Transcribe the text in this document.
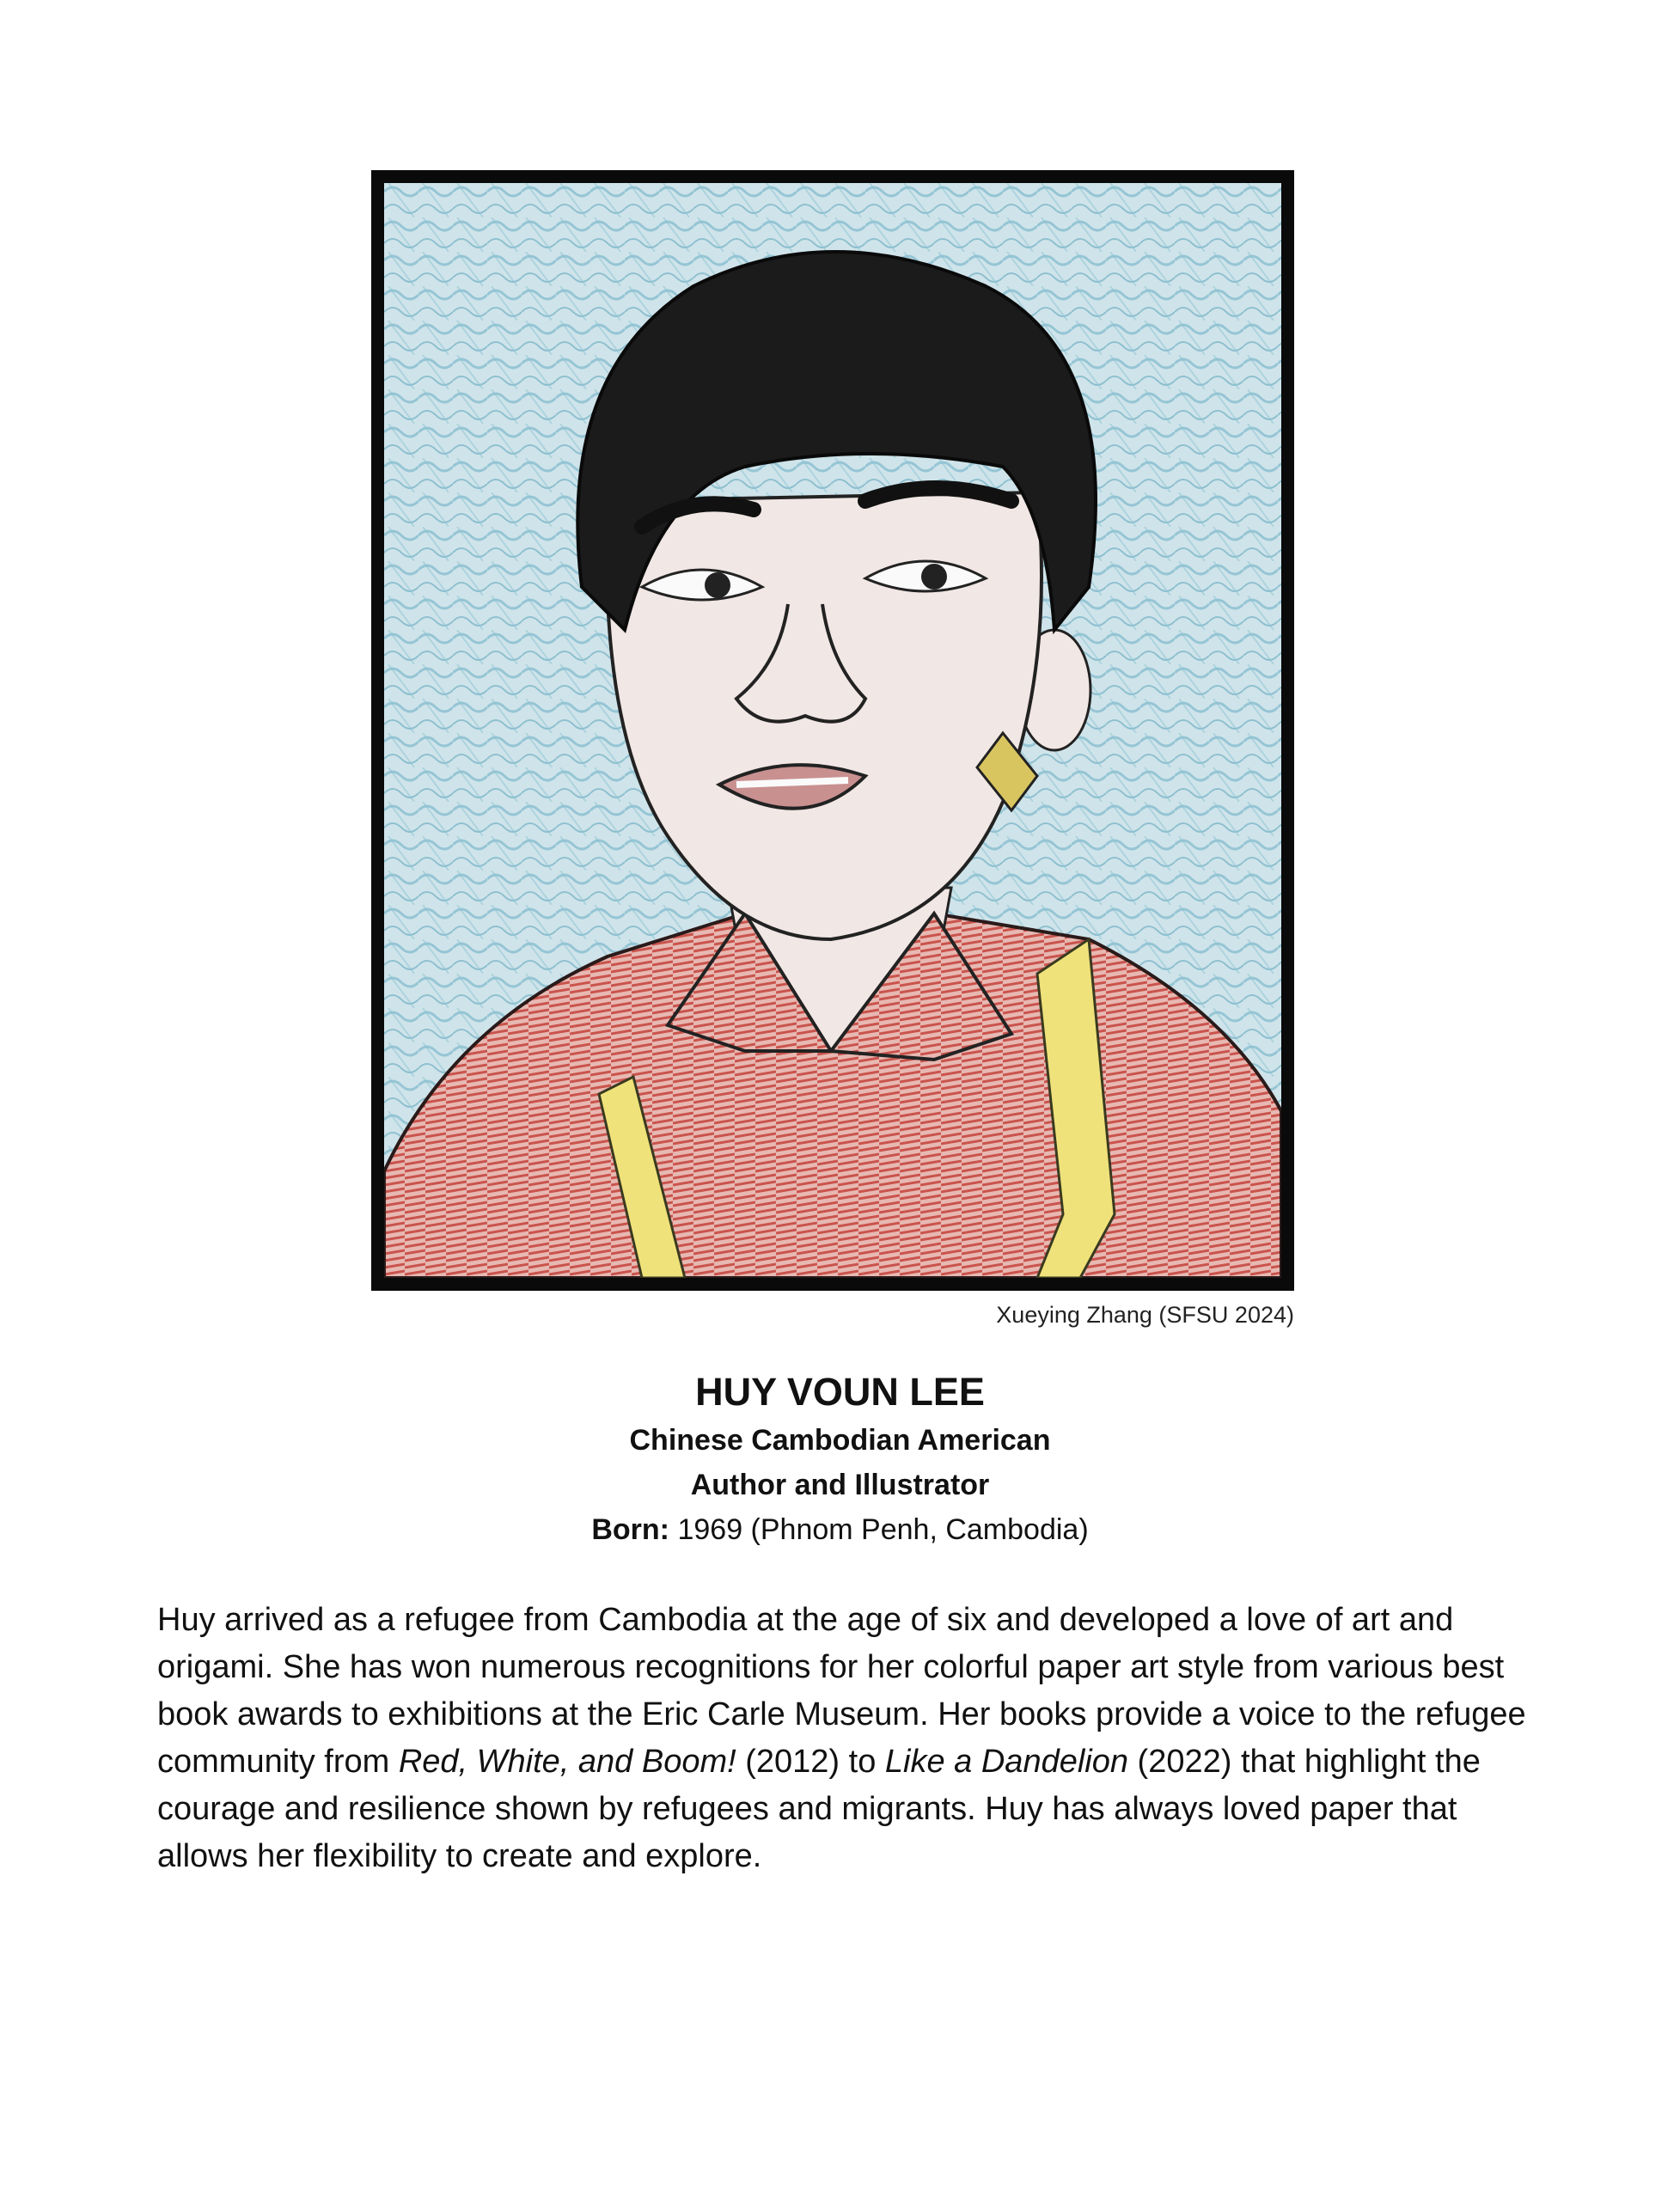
Xueying Zhang (SFSU 2024)

HUY VOUN LEE

Chinese Cambodian American

Author and Illustrator

Born: 1969 (Phnom Penh, Cambodia)

Huy arrived as a refugee from Cambodia at the age of six and developed a love of art and origami. She has won numerous recognitions for her colorful paper art style from various best book awards to exhibitions at the Eric Carle Museum. Her books provide a voice to the refugee community from Red, White, and Boom! (2012) to Like a Dandelion (2022) that highlight the courage and resilience shown by refugees and migrants. Huy has always loved paper that allows her flexibility to create and explore.
